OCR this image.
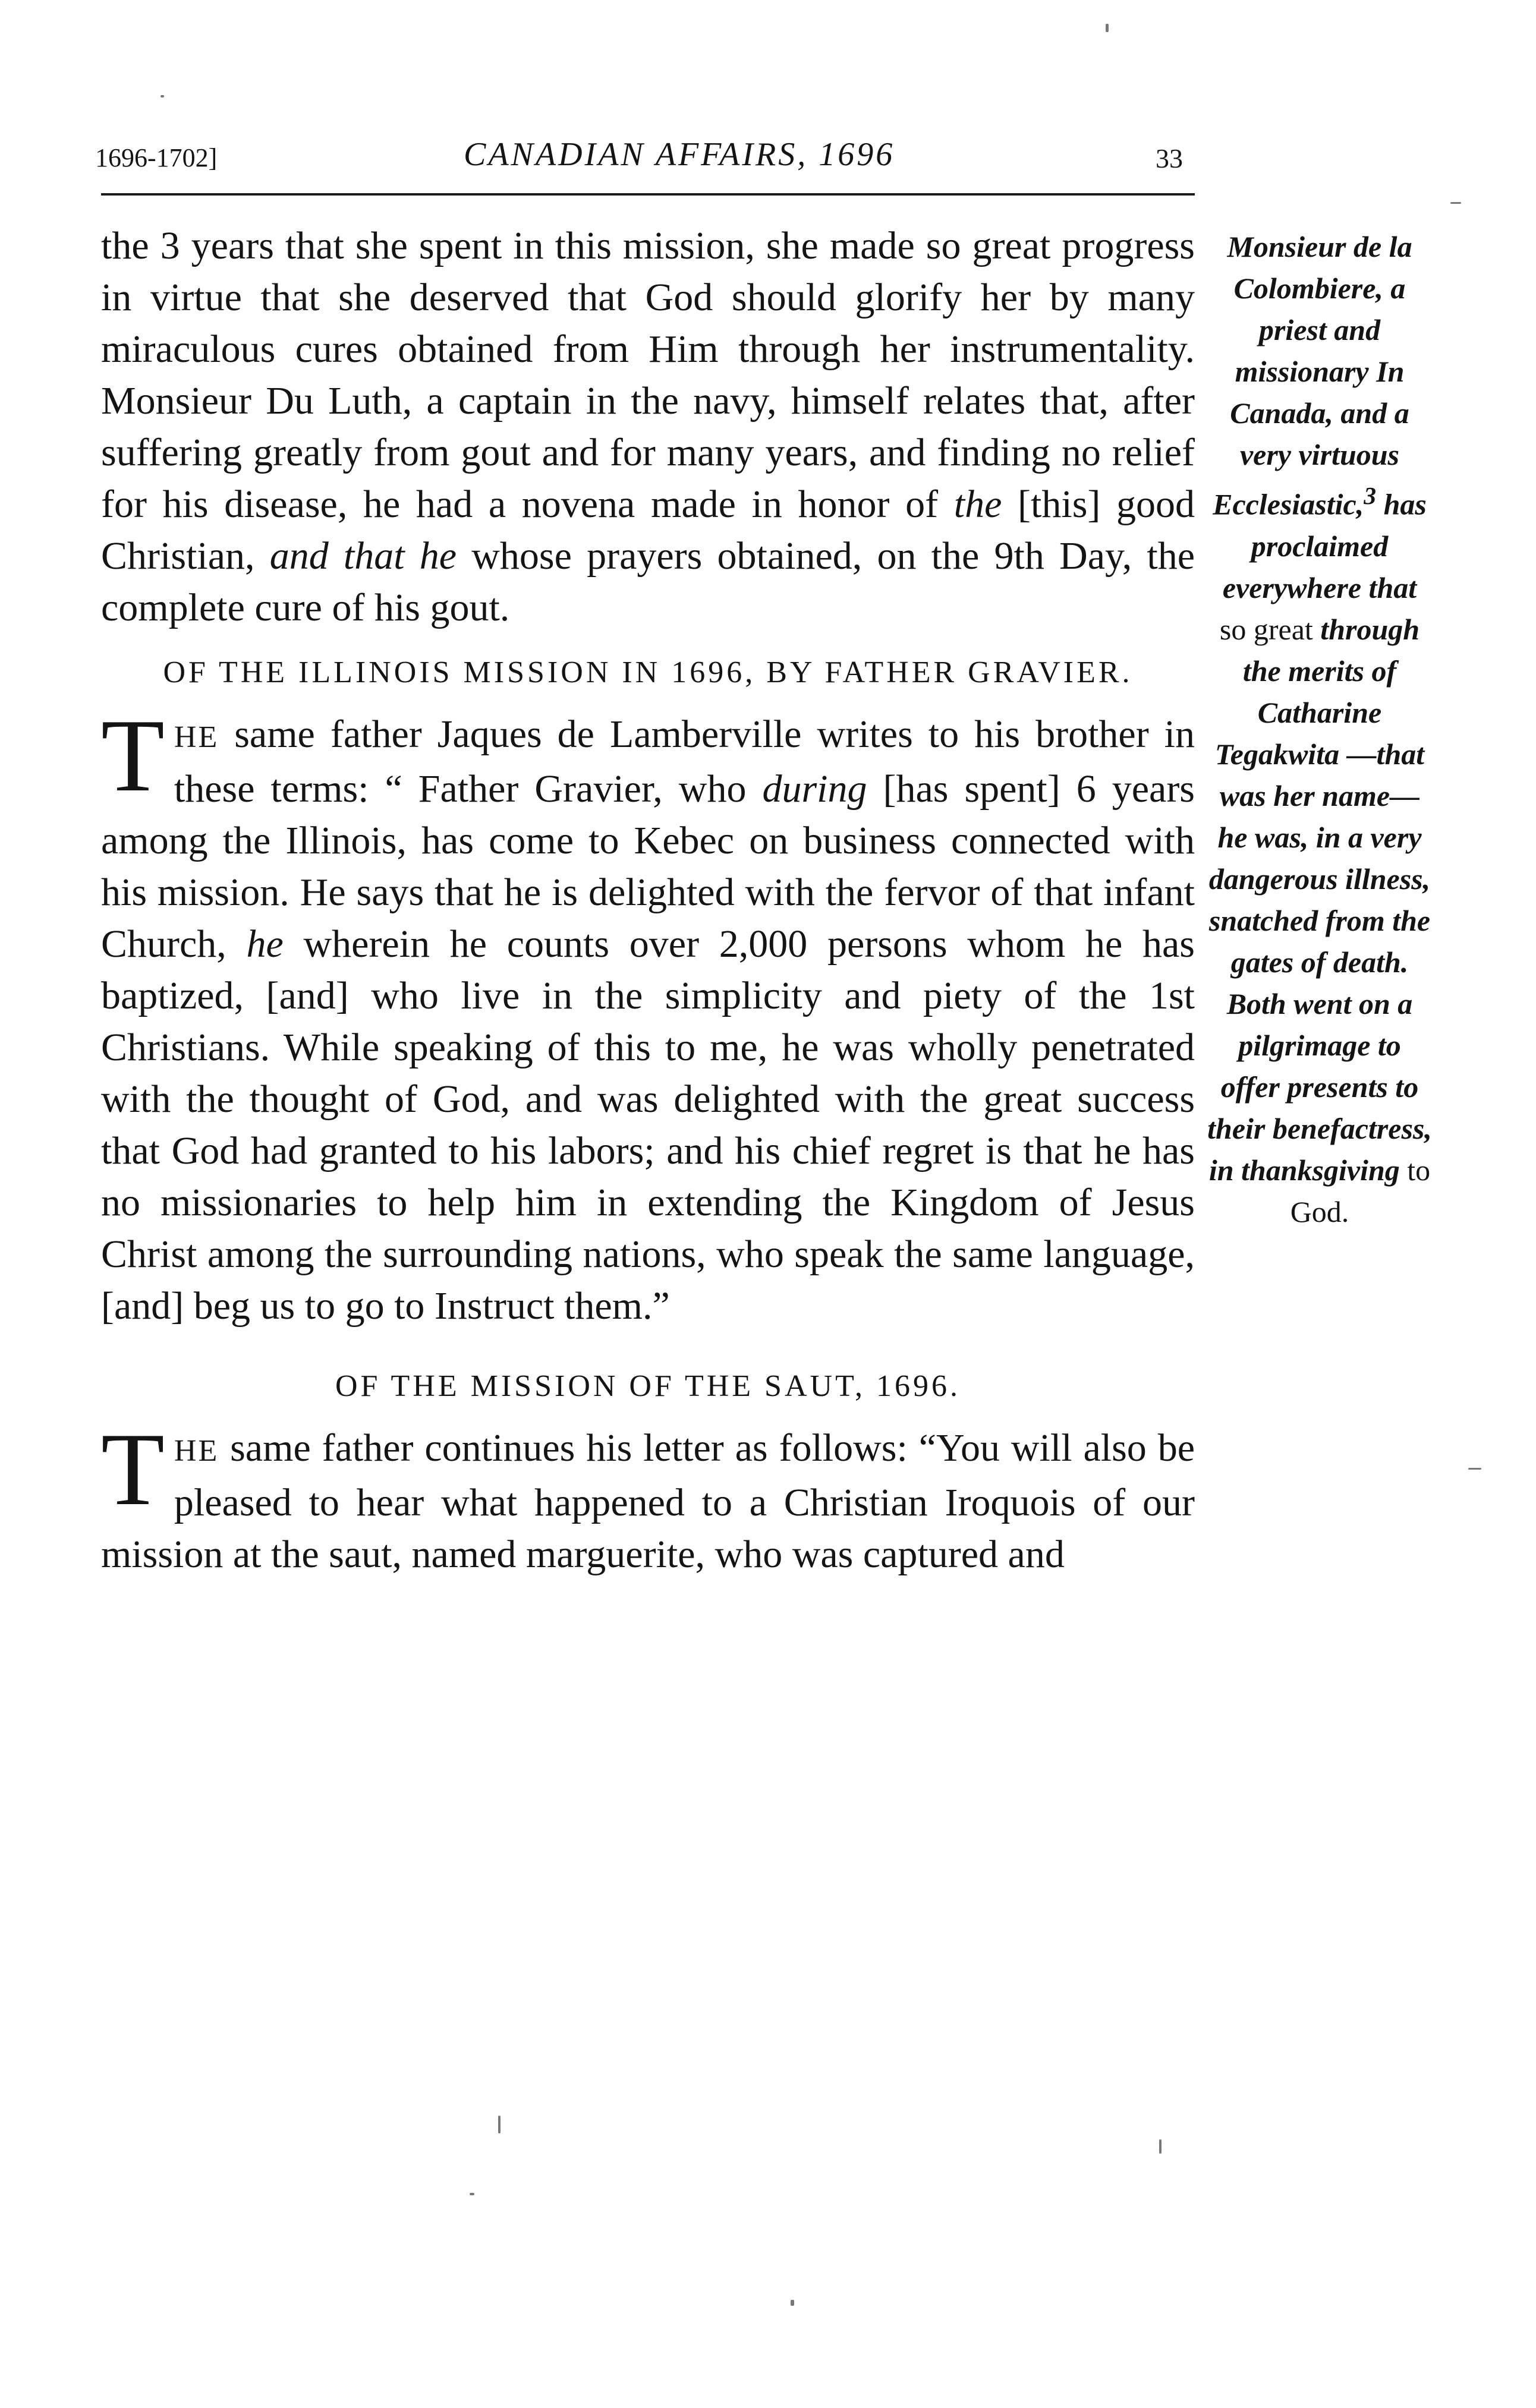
1696-1702]	CANADIAN AFFAIRS, 1696	33

the 3 years that she spent in this mission, she made so great progress in virtue that she deserved that God should glorify her by many miraculous cures obtained from Him through her instrumentality. Monsieur Du Luth, a captain in the navy, himself relates that, after suffering greatly from gout and for many years, and finding no relief for his disease, he had a novena made in honor of the [this] good Christian, and that he whose prayers obtained, on the 9th Day, the complete cure of his gout.

OF THE ILLINOIS MISSION IN 1696, BY FATHER GRAVIER.

THE same father Jaques de Lamberville writes to his brother in these terms: “ Father Gravier, who during [has spent] 6 years among the Illinois, has come to Kebec on business connected with his mission. He says that he is delighted with the fervor of that infant Church, he wherein he counts over 2,000 persons whom he has baptized, [and] who live in the simplicity and piety of the 1st Christians. While speaking of this to me, he was wholly penetrated with the thought of God, and was delighted with the great success that God had granted to his labors; and his chief regret is that he has no missionaries to help him in extending the Kingdom of Jesus Christ among the surrounding nations, who speak the same language, [and] beg us to go to Instruct them.”

OF THE MISSION OF THE SAUT, 1696.

THE same father continues his letter as follows: “You will also be pleased to hear what happened to a Christian Iroquois of our mission at the saut, named marguerite, who was captured and

Monsieur de la Colombiere, a priest and missionary In Canada, and a very virtuous Ecclesiastic,$^3$ has proclaimed everywhere that so great through the merits of Catharine Tegakwita —that was her name— he was, in a very dangerous illness, snatched from the gates of death. Both went on a pilgrimage to offer presents to their benefactress, in thanksgiving to God.
